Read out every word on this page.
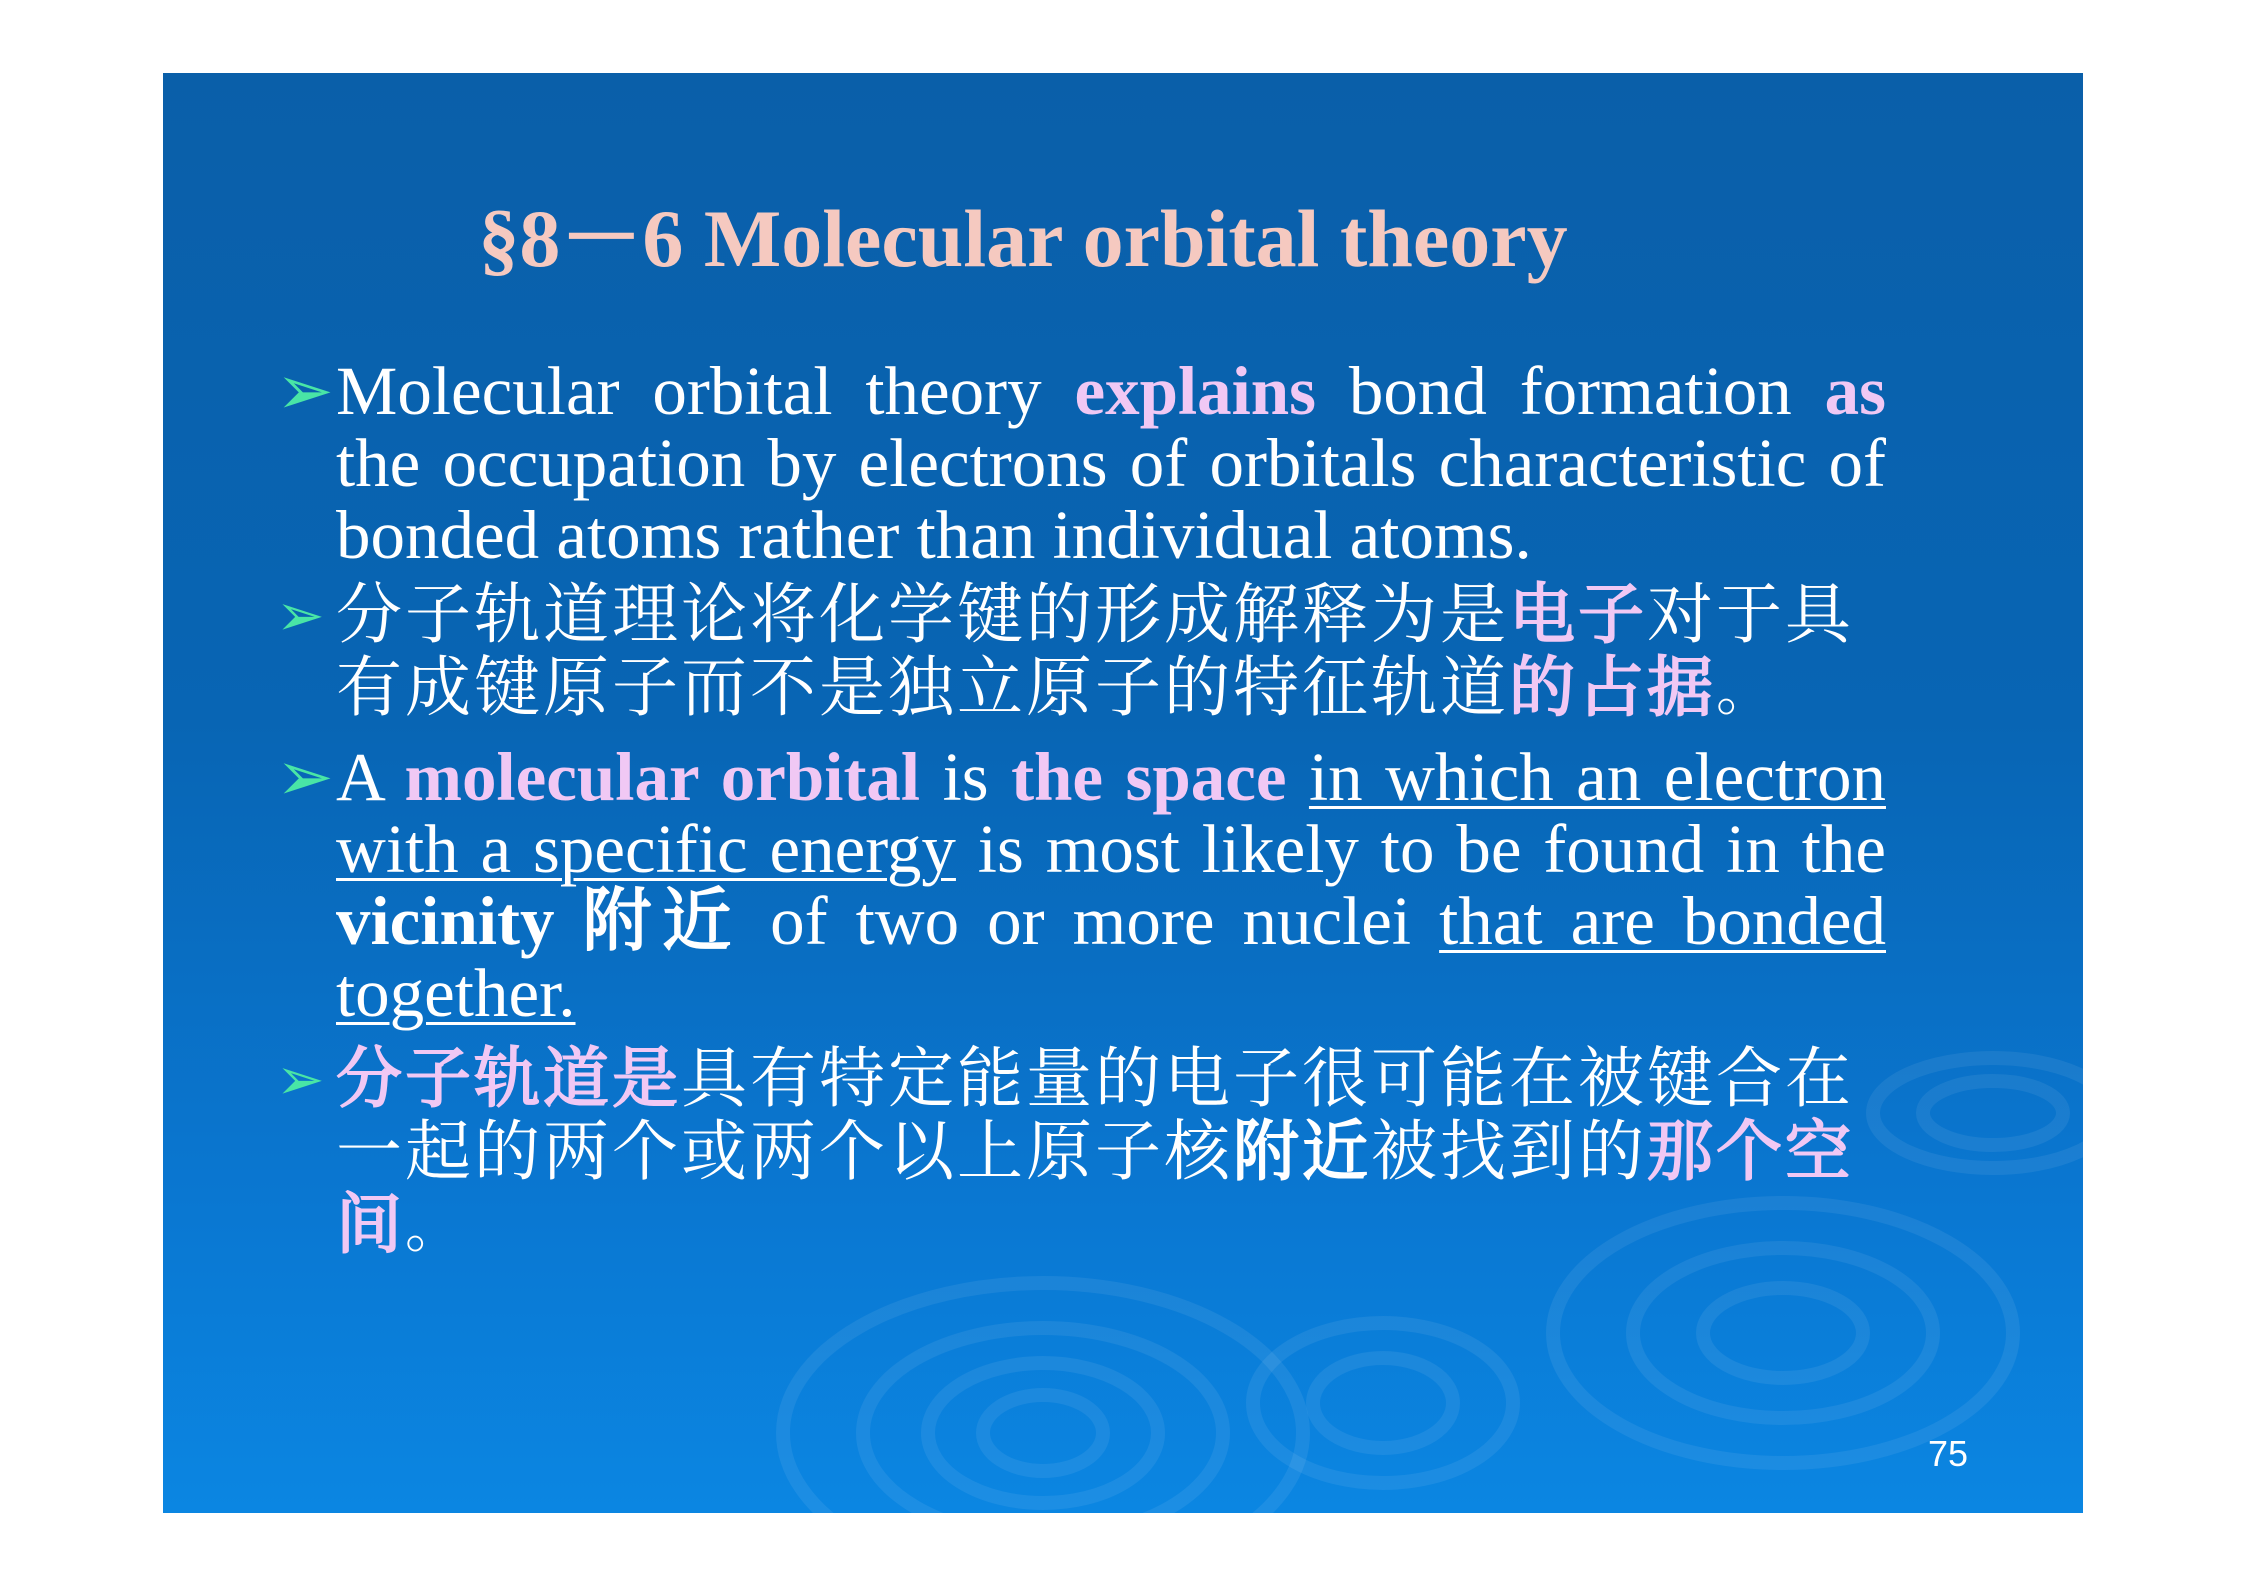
§8－6 Molecular orbital theory
➢ Molecular orbital theory explains bond formation as the occupation by electrons of orbitals characteristic of bonded atoms rather than individual atoms.
➢ 分子轨道理论将化学键的形成解释为是电子对于具有成键原子而不是独立原子的特征轨道的占据。
➢ A molecular orbital is the space in which an electron with a specific energy is most likely to be found in the vicinity 附近 of two or more nuclei that are bonded together.
➢ 分子轨道是具有特定能量的电子很可能在被键合在一起的两个或两个以上原子核附近被找到的那个空间。
75
